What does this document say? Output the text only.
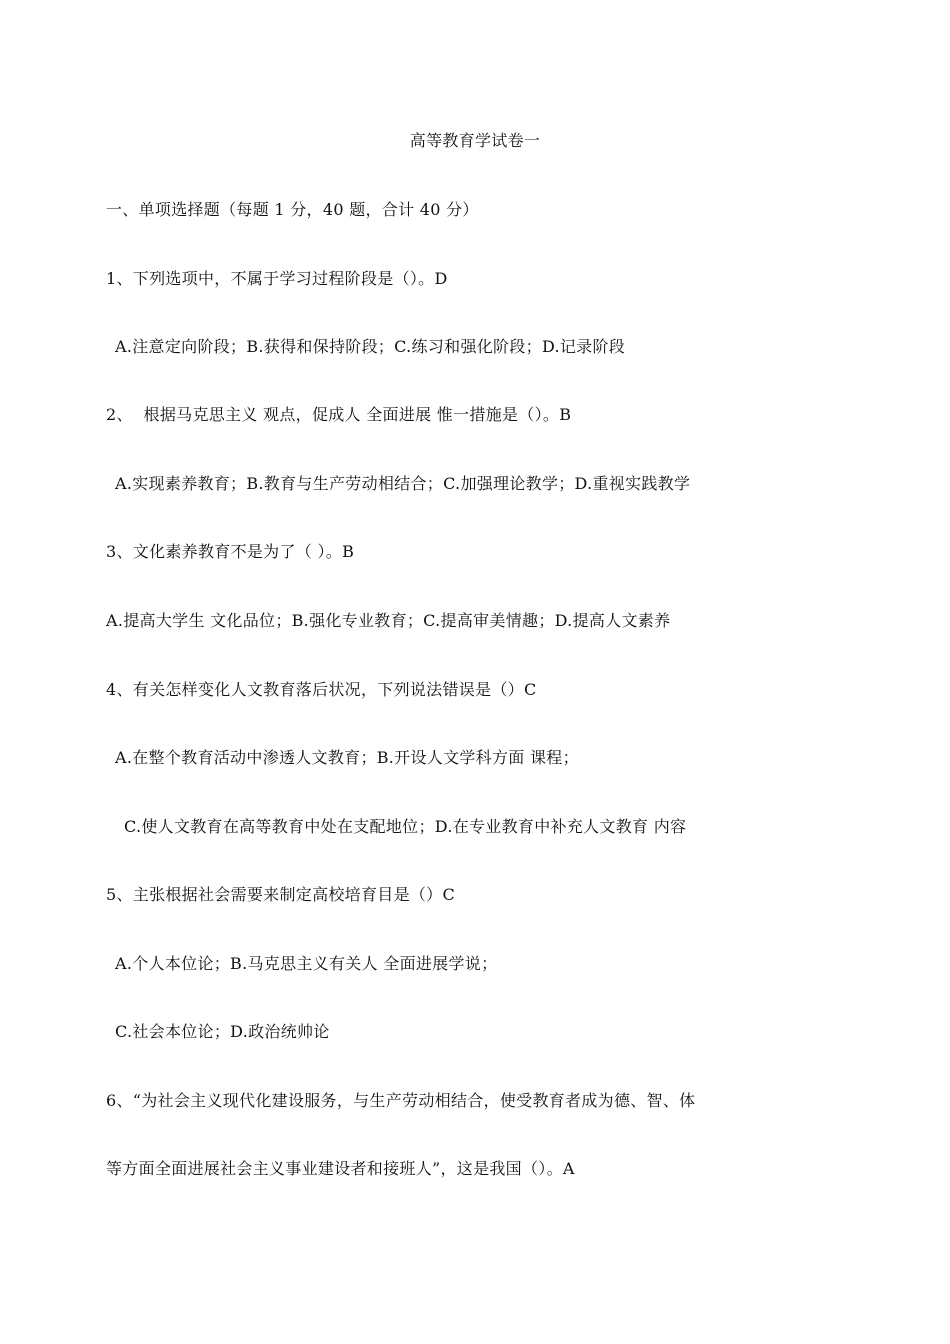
高等教育学试卷一
一、单项选择题（每题 1 分，40 题，合计 40 分）
1、下列选项中，不属于学习过程阶段是（）。D
A.注意定向阶段；B.获得和保持阶段；C.练习和强化阶段；D.记录阶段
2、  根据马克思主义 观点，促成人 全面进展 惟一措施是（）。B
A.实现素养教育；B.教育与生产劳动相结合；C.加强理论教学；D.重视实践教学
3、文化素养教育不是为了（ ）。B
A.提高大学生 文化品位；B.强化专业教育；C.提高审美情趣；D.提高人文素养
4、有关怎样变化人文教育落后状况，下列说法错误是（）C
A.在整个教育活动中渗透人文教育；B.开设人文学科方面 课程；
C.使人文教育在高等教育中处在支配地位；D.在专业教育中补充人文教育 内容
5、主张根据社会需要来制定高校培育目是（）C
A.个人本位论；B.马克思主义有关人 全面进展学说；
C.社会本位论；D.政治统帅论
6、“为社会主义现代化建设服务，与生产劳动相结合，使受教育者成为德、智、体
等方面全面进展社会主义事业建设者和接班人”，这是我国（）。A
